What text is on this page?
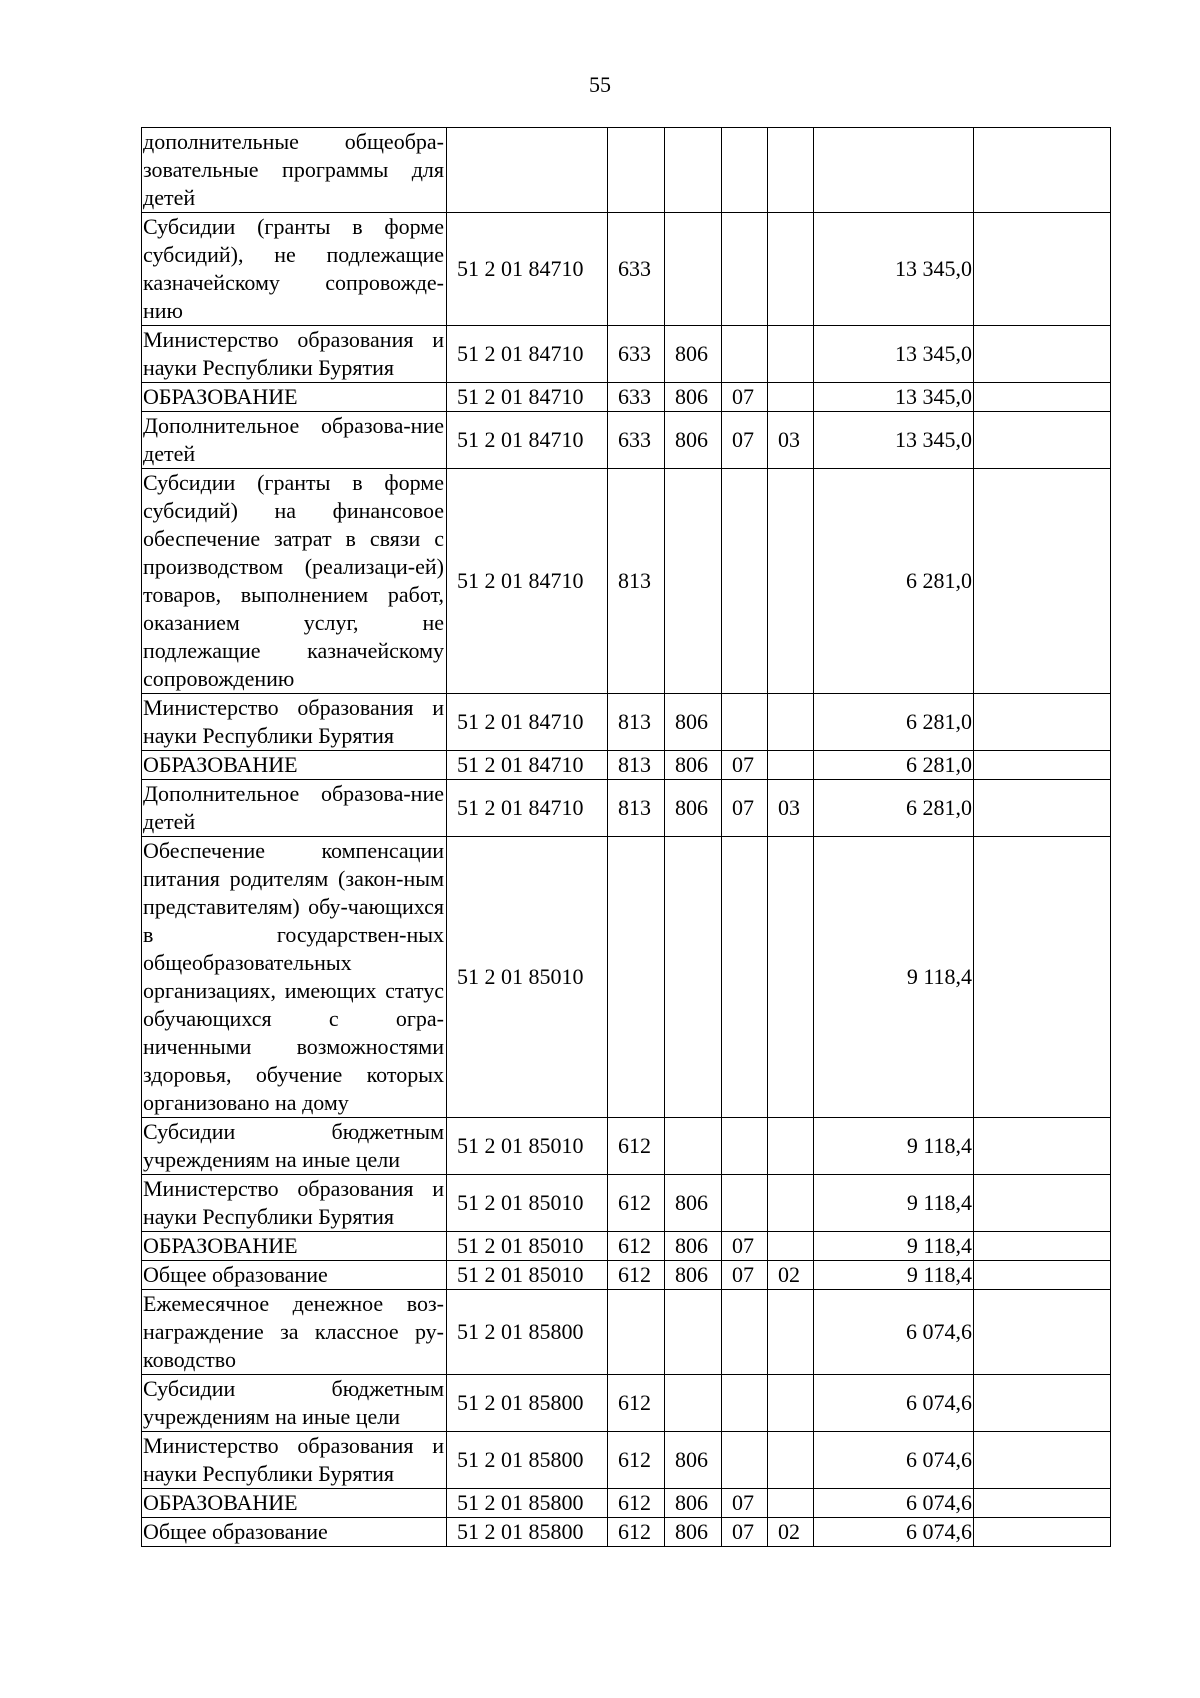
55
дополнительные общеобра-зовательные программы для детей							
Субсидии (гранты в форме субсидий), не подлежащие казначейскому сопровожде-нию	51 2 01 84710	633				13 345,0	
Министерство образования и науки Республики Бурятия	51 2 01 84710	633	806			13 345,0	
ОБРАЗОВАНИЕ	51 2 01 84710	633	806	07		13 345,0	
Дополнительное образова-ние детей	51 2 01 84710	633	806	07	03	13 345,0	
Субсидии (гранты в форме субсидий) на финансовое обеспечение затрат в связи с производством (реализаци-ей) товаров, выполнением работ, оказанием услуг, не подлежащие казначейскому сопровождению	51 2 01 84710	813				6 281,0	
Министерство образования и науки Республики Бурятия	51 2 01 84710	813	806			6 281,0	
ОБРАЗОВАНИЕ	51 2 01 84710	813	806	07		6 281,0	
Дополнительное образова-ние детей	51 2 01 84710	813	806	07	03	6 281,0	
Обеспечение компенсации питания родителям (закон-ным представителям) обу-чающихся в государствен-ных общеобразовательных организациях, имеющих статус обучающихся с огра-ниченными возможностями здоровья, обучение которых организовано на дому	51 2 01 85010					9 118,4	
Субсидии бюджетным учреждениям на иные цели	51 2 01 85010	612				9 118,4	
Министерство образования и науки Республики Бурятия	51 2 01 85010	612	806			9 118,4	
ОБРАЗОВАНИЕ	51 2 01 85010	612	806	07		9 118,4	
Общее образование	51 2 01 85010	612	806	07	02	9 118,4	
Ежемесячное денежное воз-награждение за классное ру-ководство	51 2 01 85800					6 074,6	
Субсидии бюджетным учреждениям на иные цели	51 2 01 85800	612				6 074,6	
Министерство образования и науки Республики Бурятия	51 2 01 85800	612	806			6 074,6	
ОБРАЗОВАНИЕ	51 2 01 85800	612	806	07		6 074,6	
Общее образование	51 2 01 85800	612	806	07	02	6 074,6	
